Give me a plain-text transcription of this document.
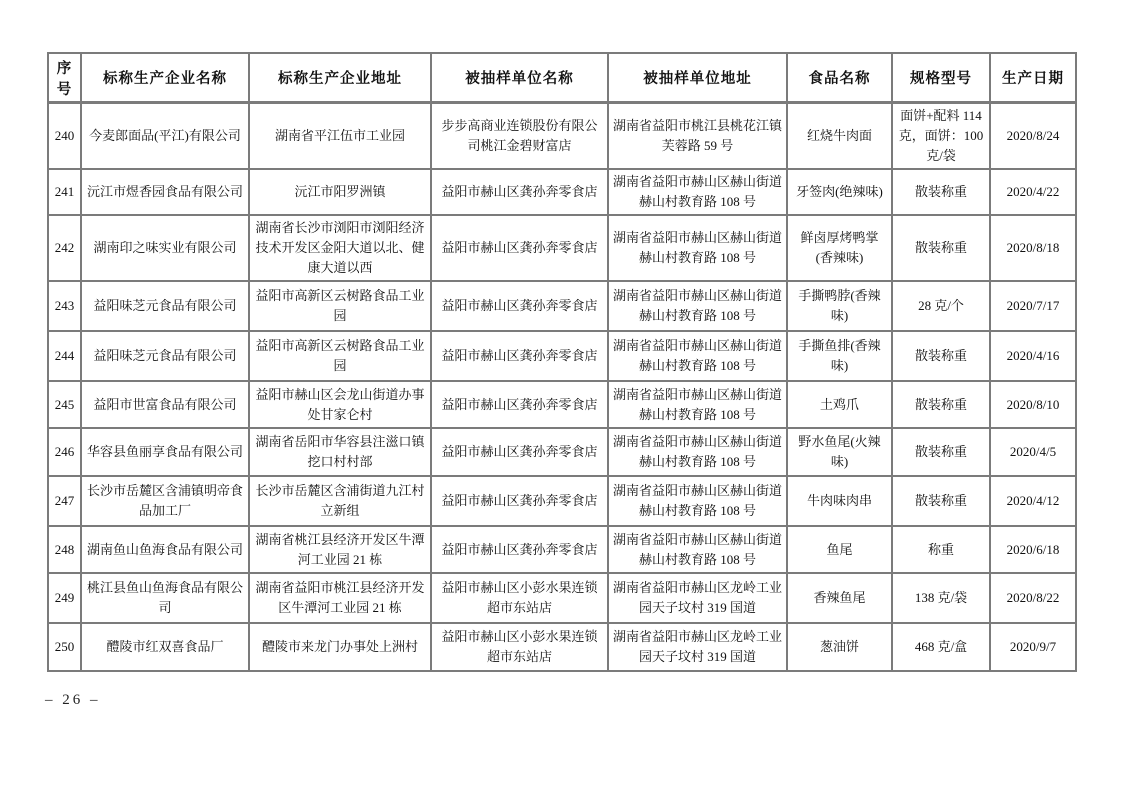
序号	标称生产企业名称	标称生产企业地址	被抽样单位名称	被抽样单位地址	食品名称	规格型号	生产日期
240	今麦郎面品(平江)有限公司	湖南省平江伍市工业园	步步高商业连锁股份有限公司桃江金碧财富店	湖南省益阳市桃江县桃花江镇芙蓉路 59 号	红烧牛肉面	面饼+配料 114 克，面饼：100 克/袋	2020/8/24
241	沅江市煜香园食品有限公司	沅江市阳罗洲镇	益阳市赫山区龚孙奔零食店	湖南省益阳市赫山区赫山街道赫山村教育路 108 号	牙签肉(绝辣味)	散装称重	2020/4/22
242	湖南印之味实业有限公司	湖南省长沙市浏阳市浏阳经济技术开发区金阳大道以北、健康大道以西	益阳市赫山区龚孙奔零食店	湖南省益阳市赫山区赫山街道赫山村教育路 108 号	鲜卤厚烤鸭掌(香辣味)	散装称重	2020/8/18
243	益阳味芝元食品有限公司	益阳市高新区云树路食品工业园	益阳市赫山区龚孙奔零食店	湖南省益阳市赫山区赫山街道赫山村教育路 108 号	手撕鸭脖(香辣味)	28 克/个	2020/7/17
244	益阳味芝元食品有限公司	益阳市高新区云树路食品工业园	益阳市赫山区龚孙奔零食店	湖南省益阳市赫山区赫山街道赫山村教育路 108 号	手撕鱼排(香辣味)	散装称重	2020/4/16
245	益阳市世富食品有限公司	益阳市赫山区会龙山街道办事处甘家仑村	益阳市赫山区龚孙奔零食店	湖南省益阳市赫山区赫山街道赫山村教育路 108 号	土鸡爪	散装称重	2020/8/10
246	华容县鱼丽享食品有限公司	湖南省岳阳市华容县注滋口镇挖口村村部	益阳市赫山区龚孙奔零食店	湖南省益阳市赫山区赫山街道赫山村教育路 108 号	野水鱼尾(火辣味)	散装称重	2020/4/5
247	长沙市岳麓区含浦镇明帝食品加工厂	长沙市岳麓区含浦街道九江村立新组	益阳市赫山区龚孙奔零食店	湖南省益阳市赫山区赫山街道赫山村教育路 108 号	牛肉味肉串	散装称重	2020/4/12
248	湖南鱼山鱼海食品有限公司	湖南省桃江县经济开发区牛潭河工业园 21 栋	益阳市赫山区龚孙奔零食店	湖南省益阳市赫山区赫山街道赫山村教育路 108 号	鱼尾	称重	2020/6/18
249	桃江县鱼山鱼海食品有限公司	湖南省益阳市桃江县经济开发区牛潭河工业园 21 栋	益阳市赫山区小彭水果连锁超市东站店	湖南省益阳市赫山区龙岭工业园天子坟村 319 国道	香辣鱼尾	138 克/袋	2020/8/22
250	醴陵市红双喜食品厂	醴陵市来龙门办事处上洲村	益阳市赫山区小彭水果连锁超市东站店	湖南省益阳市赫山区龙岭工业园天子坟村 319 国道	葱油饼	468 克/盒	2020/9/7
– 26 –
